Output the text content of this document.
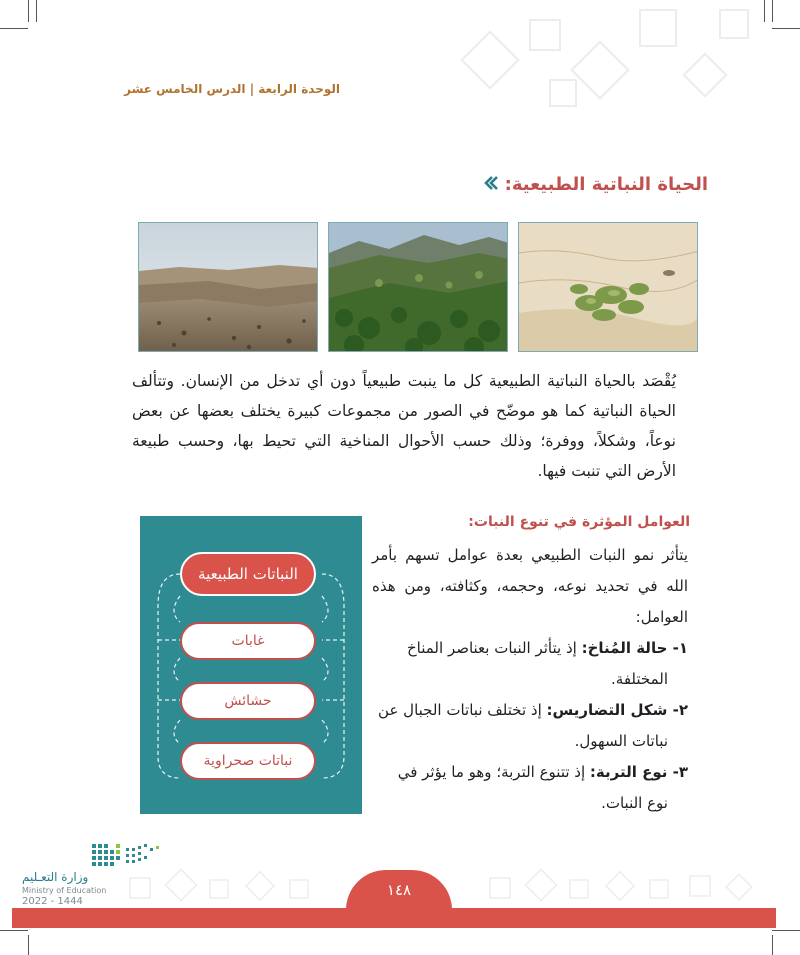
الوحدة الرابعة | الدرس الخامس عشر
الحياة النباتية الطبيعية:
يُقْصَد بالحياة النباتية الطبيعية كل ما ينبت طبيعياً دون أي تدخل من الإنسان. وتتألف الحياة النباتية كما هو موضّح في الصور من مجموعات كبيرة يختلف بعضها عن بعض نوعاً، وشكلاً، ووفرة؛ وذلك حسب الأحوال المناخية التي تحيط بها، وحسب طبيعة الأرض التي تنبت فيها.
العوامل المؤثرة في تنوع النبات:
يتأثر نمو النبات الطبيعي بعدة عوامل تسهم بأمر الله في تحديد نوعه، وحجمه، وكثافته، ومن هذه العوامل:
١- حالة المُناخ: إذ يتأثر النبات بعناصر المناخ
المختلفة.
٢- شكل التضاريس: إذ تختلف نباتات الجبال عن
نباتات السهول.
٣- نوع التربة: إذ تتنوع التربة؛ وهو ما يؤثر في
نوع النبات.
النباتات الطبيعية
غابات
حشائش
نباتات صحراوية
وزارة التعـليم
Ministry of Education
2022 - 1444
١٤٨
